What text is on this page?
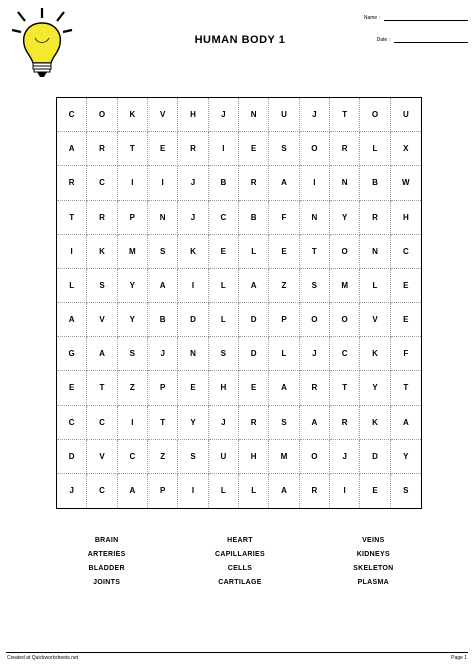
Name :
Date :
HUMAN BODY 1
C	O	K	V	H	J	N	U	J	T	O	U
A	R	T	E	R	I	E	S	O	R	L	X
R	C	I	I	J	B	R	A	I	N	B	W
T	R	P	N	J	C	B	F	N	Y	R	H
I	K	M	S	K	E	L	E	T	O	N	C
L	S	Y	A	I	L	A	Z	S	M	L	E
A	V	Y	B	D	L	D	P	O	O	V	E
G	A	S	J	N	S	D	L	J	C	K	F
E	T	Z	P	E	H	E	A	R	T	Y	T
C	C	I	T	Y	J	R	S	A	R	K	A
D	V	C	Z	S	U	H	M	O	J	D	Y
J	C	A	P	I	L	L	A	R	I	E	S
BRAIN	HEART	VEINS
ARTERIES	CAPILLARIES	KIDNEYS
BLADDER	CELLS	SKELETON
JOINTS	CARTILAGE	PLASMA
Created at Quickworksheets.net	Page 1
